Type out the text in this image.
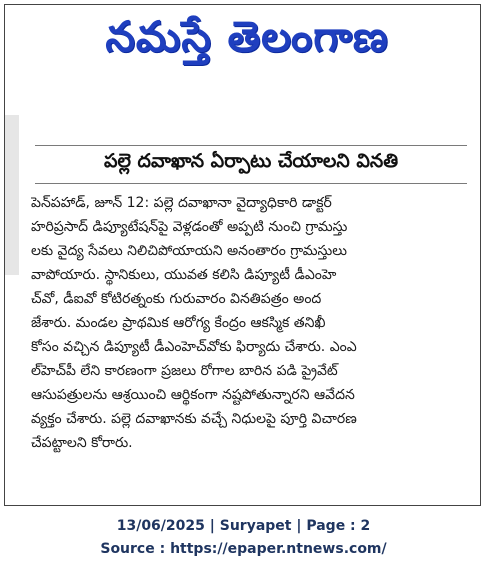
నమస్తే తెలంగాణ
పల్లె దవాఖాన ఏర్పాటు చేయాలని వినతి
పెన్‌పహాడ్, జూన్ 12: పల్లె దవాఖానా వైద్యాధికారి డాక్టర్
హరిప్రసాద్ డిప్యూటేషన్‌పై వెళ్లడంతో అప్పటి నుంచి గ్రామస్తు
లకు వైద్య సేవలు నిలిచిపోయాయని అనంతారం గ్రామస్తులు
వాపోయారు. స్థానికులు, యువత కలిసి డిప్యూటీ డీఎంహె
చ్‌వో, డీఐవో కోటిరత్నంకు గురువారం వినతిపత్రం అంద
జేశారు. మండల ప్రాథమిక ఆరోగ్య కేంద్రం ఆకస్మిక తనిఖీ
కోసం వచ్చిన డిప్యూటీ డీఎంహెచ్‌వోకు ఫిర్యాదు చేశారు. ఎంఎ
ల్‌హెచ్‌పీ లేని కారణంగా ప్రజలు రోగాల బారిన పడి ప్రైవేట్
ఆసుపత్రులను ఆశ్రయించి ఆర్థికంగా నష్టపోతున్నారని ఆవేదన
వ్యక్తం చేశారు. పల్లె దవాఖానకు వచ్చే నిధులపై పూర్తి విచారణ
చేపట్టాలని కోరారు.
13/06/2025 | Suryapet | Page : 2
Source : https://epaper.ntnews.com/
